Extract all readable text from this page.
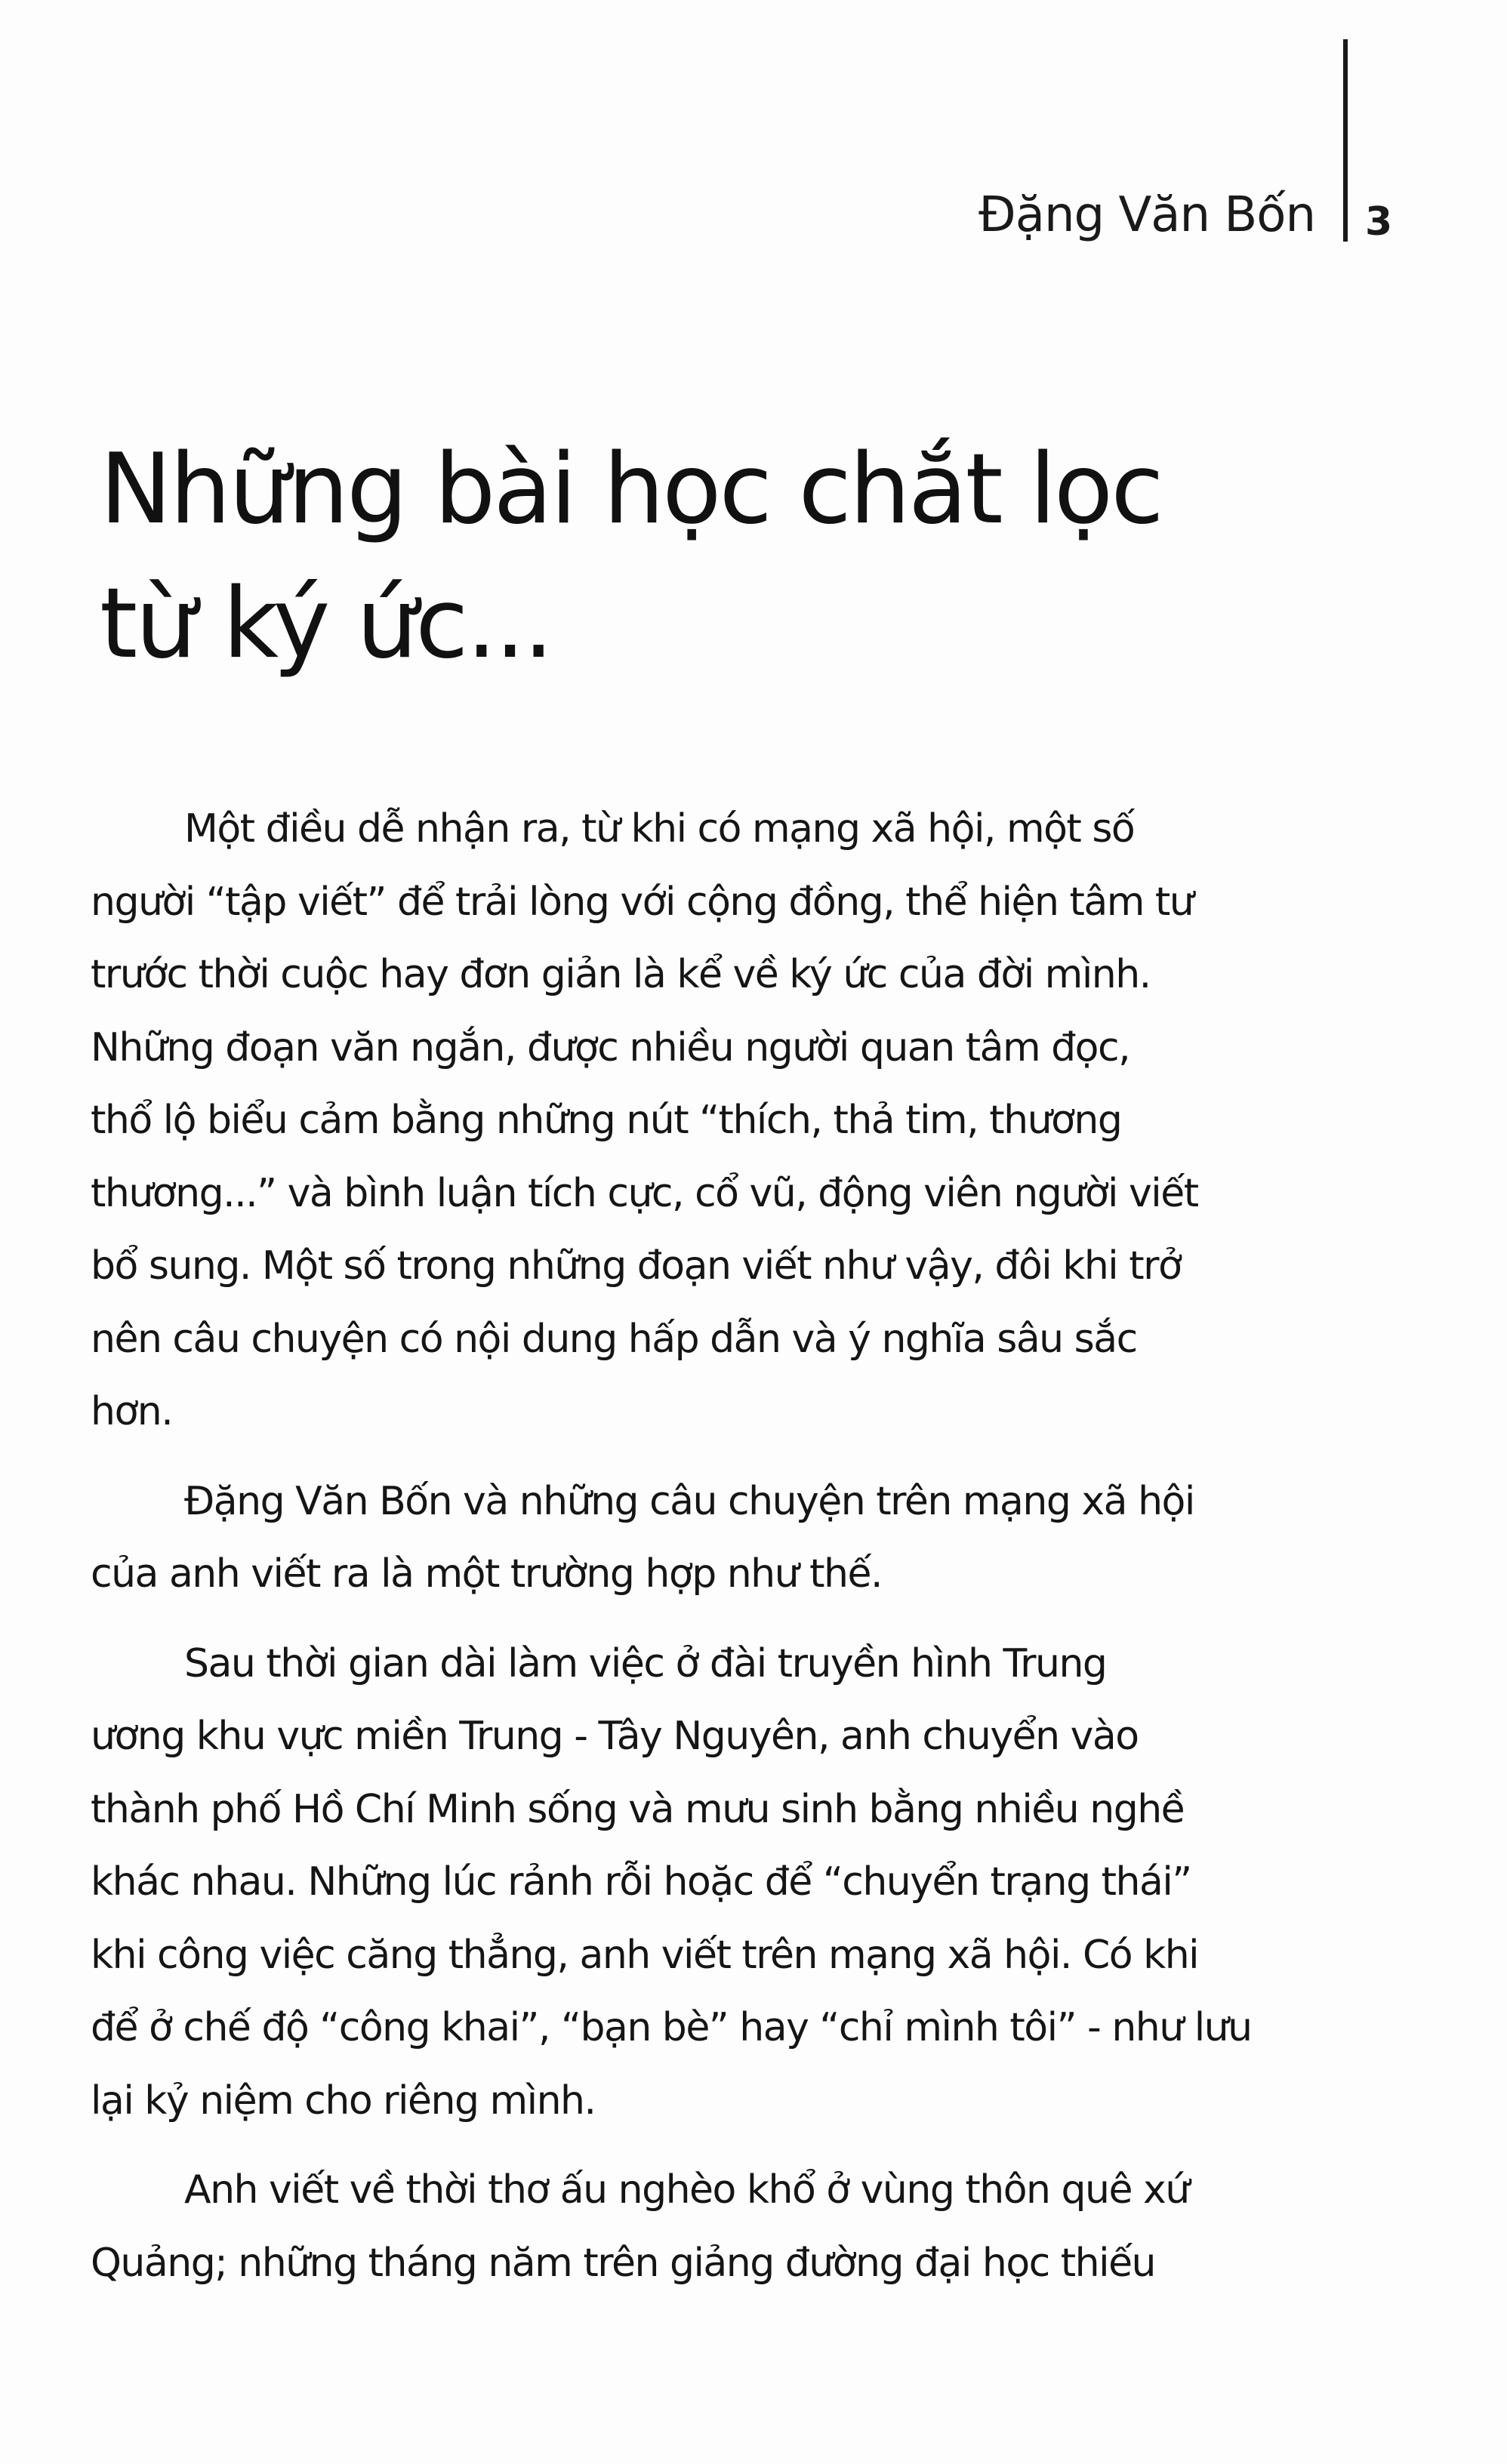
Đặng Văn Bốn 3
Những bài học chắt lọc
từ ký ức...

Một điều dễ nhận ra, từ khi có mạng xã hội, một số
người “tập viết” để trải lòng với cộng đồng, thể hiện tâm tư
trước thời cuộc hay đơn giản là kể về ký ức của đời mình.
Những đoạn văn ngắn, được nhiều người quan tâm đọc,
thổ lộ biểu cảm bằng những nút “thích, thả tim, thương
thương...” và bình luận tích cực, cổ vũ, động viên người viết
bổ sung. Một số trong những đoạn viết như vậy, đôi khi trở
nên câu chuyện có nội dung hấp dẫn và ý nghĩa sâu sắc
hơn.

Đặng Văn Bốn và những câu chuyện trên mạng xã hội
của anh viết ra là một trường hợp như thế.

Sau thời gian dài làm việc ở đài truyền hình Trung
ương khu vực miền Trung - Tây Nguyên, anh chuyển vào
thành phố Hồ Chí Minh sống và mưu sinh bằng nhiều nghề
khác nhau. Những lúc rảnh rỗi hoặc để “chuyển trạng thái”
khi công việc căng thẳng, anh viết trên mạng xã hội. Có khi
để ở chế độ “công khai”, “bạn bè” hay “chỉ mình tôi” - như lưu
lại kỷ niệm cho riêng mình.

Anh viết về thời thơ ấu nghèo khổ ở vùng thôn quê xứ
Quảng; những tháng năm trên giảng đường đại học thiếu
